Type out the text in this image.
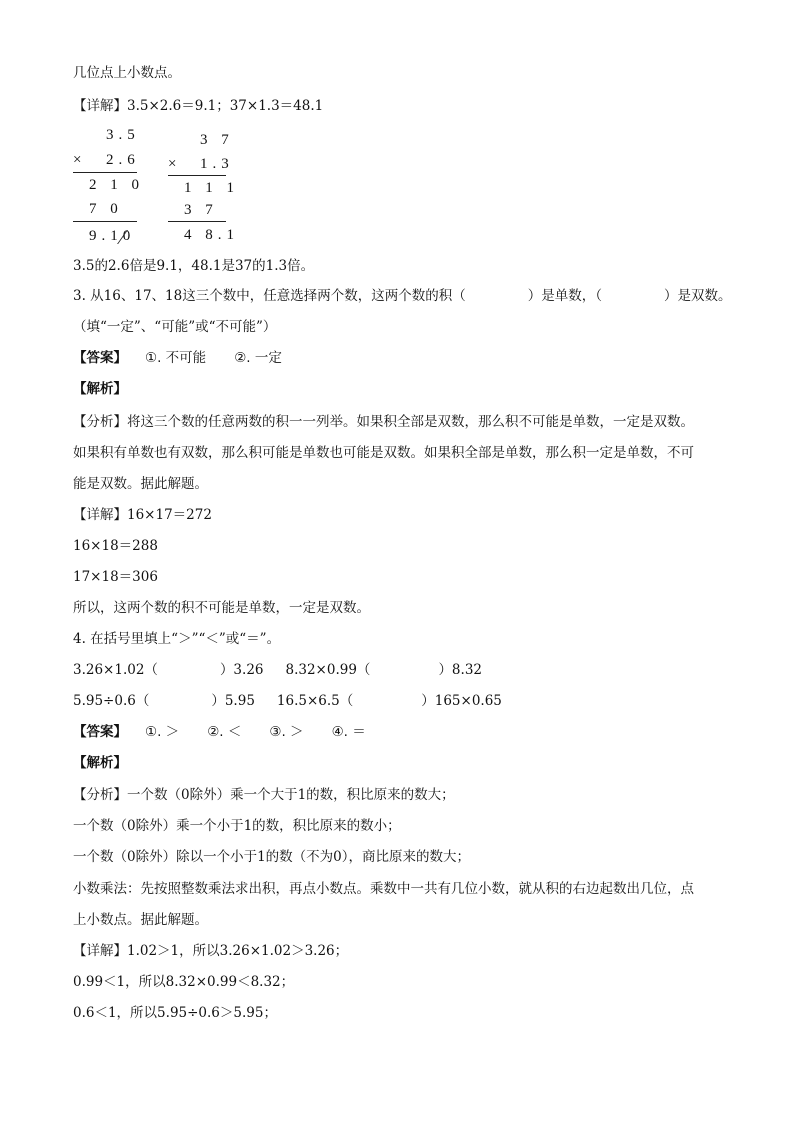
几位点上小数点。
【详解】3.5×2.6＝9.1；37×1.3＝48.1
3.5
× 2.6
2 1 0
7 0
9.10
3 7
× 1.3
1 1 1
3 7
4 8.1
3.5的2.6倍是9.1，48.1是37的1.3倍。
3. 从16、17、18这三个数中，任意选择两个数，这两个数的积（	）是单数，（	）是双数。
（填“一定”、“可能”或“不可能”）
【答案】 ①. 不可能 ②. 一定
【解析】
【分析】将这三个数的任意两数的积一一列举。如果积全部是双数，那么积不可能是单数，一定是双数。
如果积有单数也有双数，那么积可能是单数也可能是双数。如果积全部是单数，那么积一定是单数，不可
能是双数。据此解题。
【详解】16×17＝272
16×18＝288
17×18＝306
所以，这两个数的积不可能是单数，一定是双数。
4. 在括号里填上“＞”“＜”或“＝”。
3.26×1.02（	）3.26 8.32×0.99（	）8.32
5.95÷0.6（	）5.95 16.5×6.5（	）165×0.65
【答案】 ①. ＞ ②. ＜ ③. ＞ ④. ＝
【解析】
【分析】一个数（0除外）乘一个大于1的数，积比原来的数大；
一个数（0除外）乘一个小于1的数，积比原来的数小；
一个数（0除外）除以一个小于1的数（不为0），商比原来的数大；
小数乘法：先按照整数乘法求出积，再点小数点。乘数中一共有几位小数，就从积的右边起数出几位，点
上小数点。据此解题。
【详解】1.02＞1，所以3.26×1.02＞3.26；
0.99＜1，所以8.32×0.99＜8.32；
0.6＜1，所以5.95÷0.6＞5.95；
